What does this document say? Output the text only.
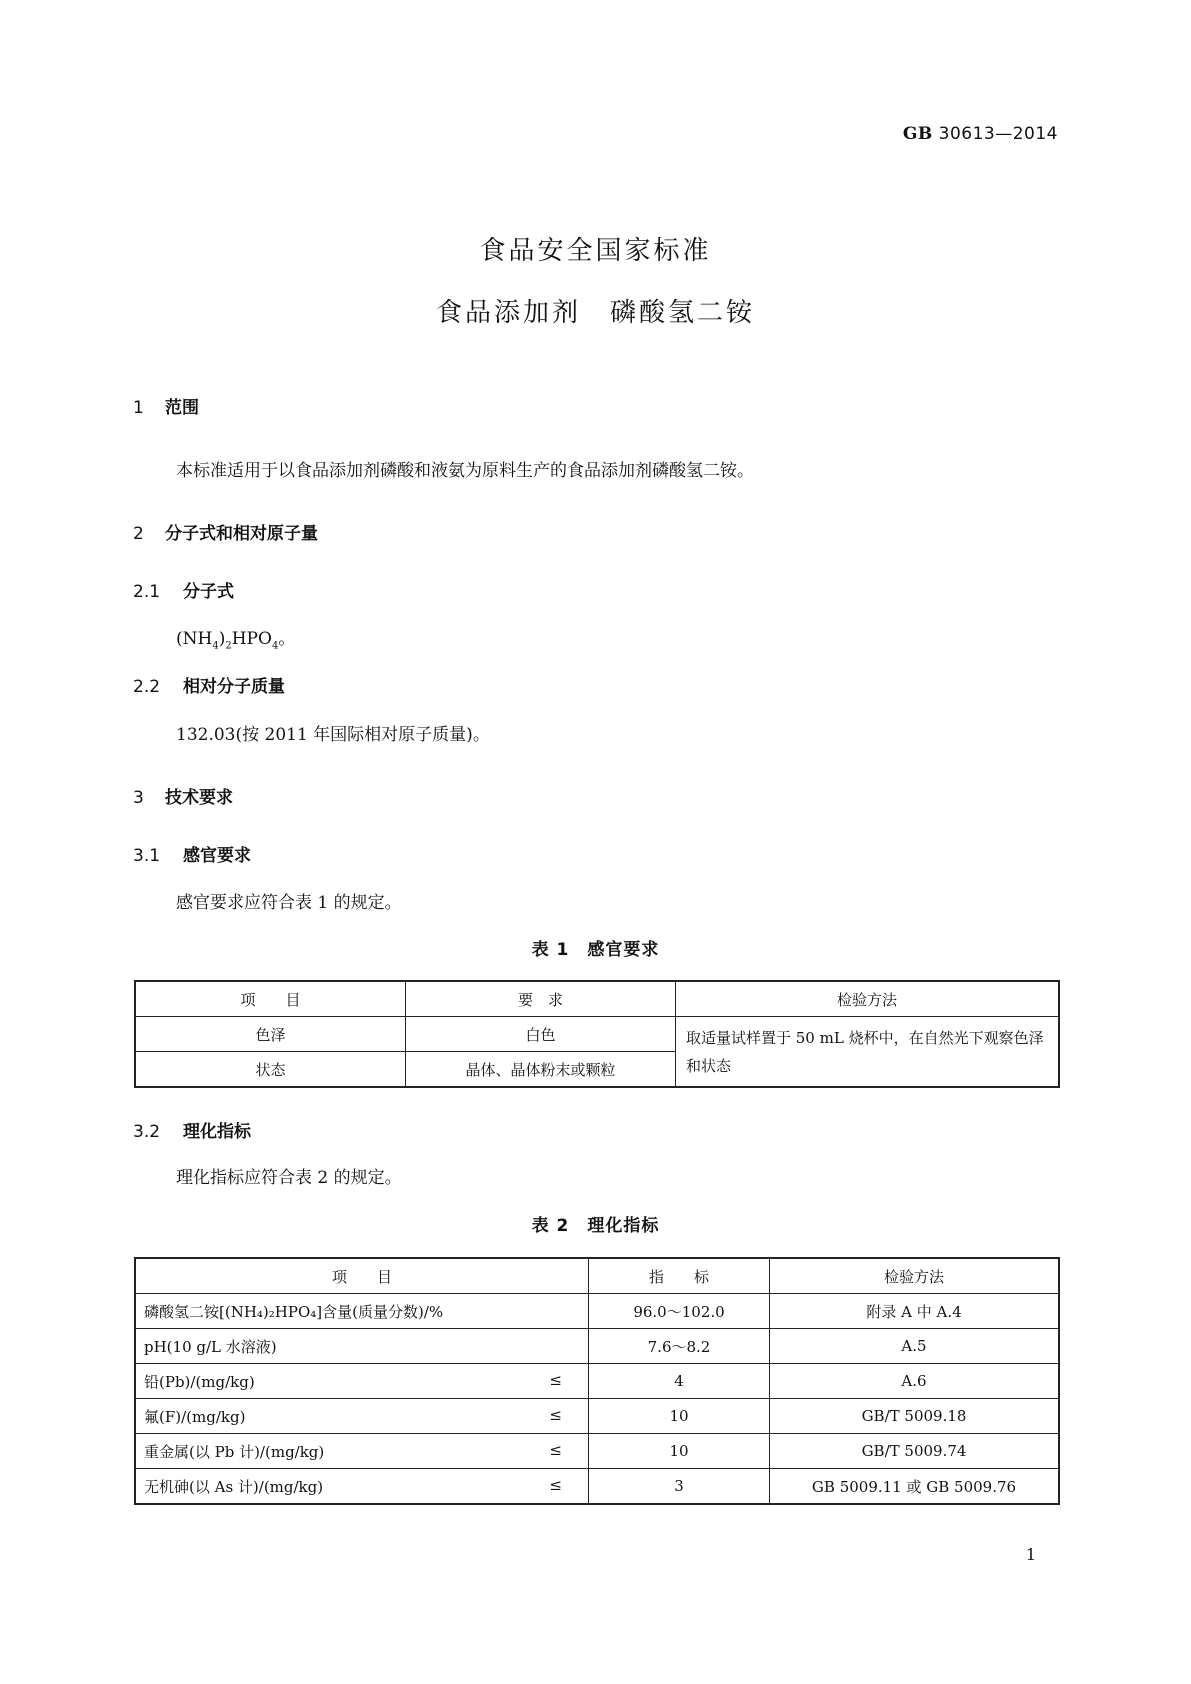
GB 30613—2014
食品安全国家标准
食品添加剂　磷酸氢二铵
1 范围
本标准适用于以食品添加剂磷酸和液氨为原料生产的食品添加剂磷酸氢二铵。
2 分子式和相对原子量
2.1 分子式
$(NH_4)_2HPO_4$。
2.2 相对分子质量
132.03(按 2011 年国际相对原子质量)。
3 技术要求
3.1 感官要求
感官要求应符合表 1 的规定。
表 1　感官要求
项　　目	要　求	检验方法
色泽	白色	取适量试样置于 50 mL 烧杯中，在自然光下观察色泽和状态
状态	晶体、晶体粉末或颗粒	
3.2 理化指标
理化指标应符合表 2 的规定。
表 2　理化指标
项　　目	指　　标	检验方法
磷酸氢二铵[(NH₄)₂HPO₄]含量(质量分数)/%	96.0～102.0	附录 A 中 A.4
pH(10 g/L 水溶液)	7.6～8.2	A.5
铅(Pb)/(mg/kg) ≤	4	A.6
氟(F)/(mg/kg) ≤	10	GB/T 5009.18
重金属(以 Pb 计)/(mg/kg) ≤	10	GB/T 5009.74
无机砷(以 As 计)/(mg/kg) ≤	3	GB 5009.11 或 GB 5009.76
1
